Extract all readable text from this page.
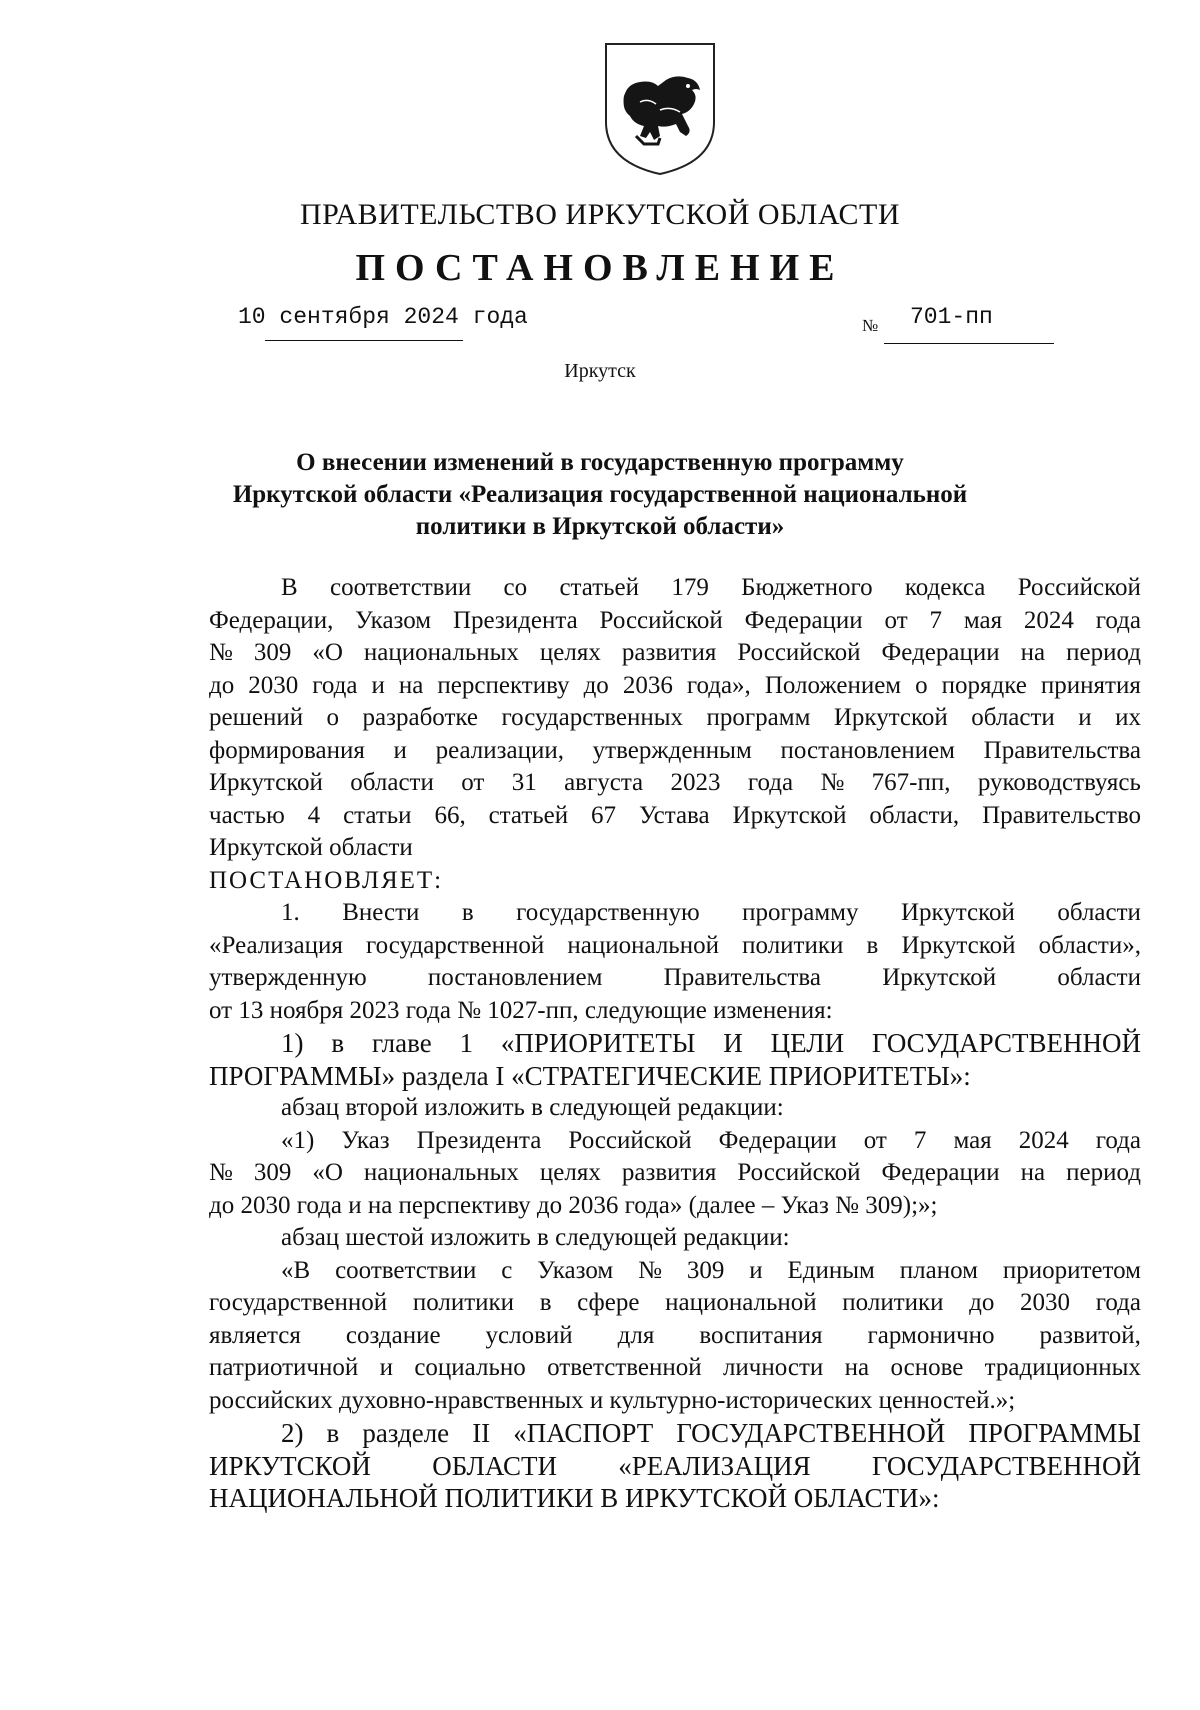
ПРАВИТЕЛЬСТВО ИРКУТСКОЙ ОБЛАСТИ
ПОСТАНОВЛЕНИЕ
10 сентября 2024 года	№ 701-пп
Иркутск
О внесении изменений в государственную программу
Иркутской области «Реализация государственной национальной
политики в Иркутской области»
В соответствии со статьей 179 Бюджетного кодекса Российской
Федерации, Указом Президента Российской Федерации от 7 мая 2024 года
№ 309 «О национальных целях развития Российской Федерации на период
до 2030 года и на перспективу до 2036 года», Положением о порядке принятия
решений о разработке государственных программ Иркутской области и их
формирования и реализации, утвержденным постановлением Правительства
Иркутской области от 31 августа 2023 года № 767-пп, руководствуясь
частью 4 статьи 66, статьей 67 Устава Иркутской области, Правительство
Иркутской области
ПОСТАНОВЛЯЕТ:
1. Внести в государственную программу Иркутской области
«Реализация государственной национальной политики в Иркутской области»,
утвержденную постановлением Правительства Иркутской области
от 13 ноября 2023 года № 1027-пп, следующие изменения:
1) в главе 1 «ПРИОРИТЕТЫ И ЦЕЛИ ГОСУДАРСТВЕННОЙ
ПРОГРАММЫ» раздела I «СТРАТЕГИЧЕСКИЕ ПРИОРИТЕТЫ»:
абзац второй изложить в следующей редакции:
«1) Указ Президента Российской Федерации от 7 мая 2024 года
№ 309 «О национальных целях развития Российской Федерации на период
до 2030 года и на перспективу до 2036 года» (далее – Указ № 309);»;
абзац шестой изложить в следующей редакции:
«В соответствии с Указом № 309 и Единым планом приоритетом
государственной политики в сфере национальной политики до 2030 года
является создание условий для воспитания гармонично развитой,
патриотичной и социально ответственной личности на основе традиционных
российских духовно-нравственных и культурно-исторических ценностей.»;
2) в разделе II «ПАСПОРТ ГОСУДАРСТВЕННОЙ ПРОГРАММЫ
ИРКУТСКОЙ ОБЛАСТИ «РЕАЛИЗАЦИЯ ГОСУДАРСТВЕННОЙ
НАЦИОНАЛЬНОЙ ПОЛИТИКИ В ИРКУТСКОЙ ОБЛАСТИ»:
